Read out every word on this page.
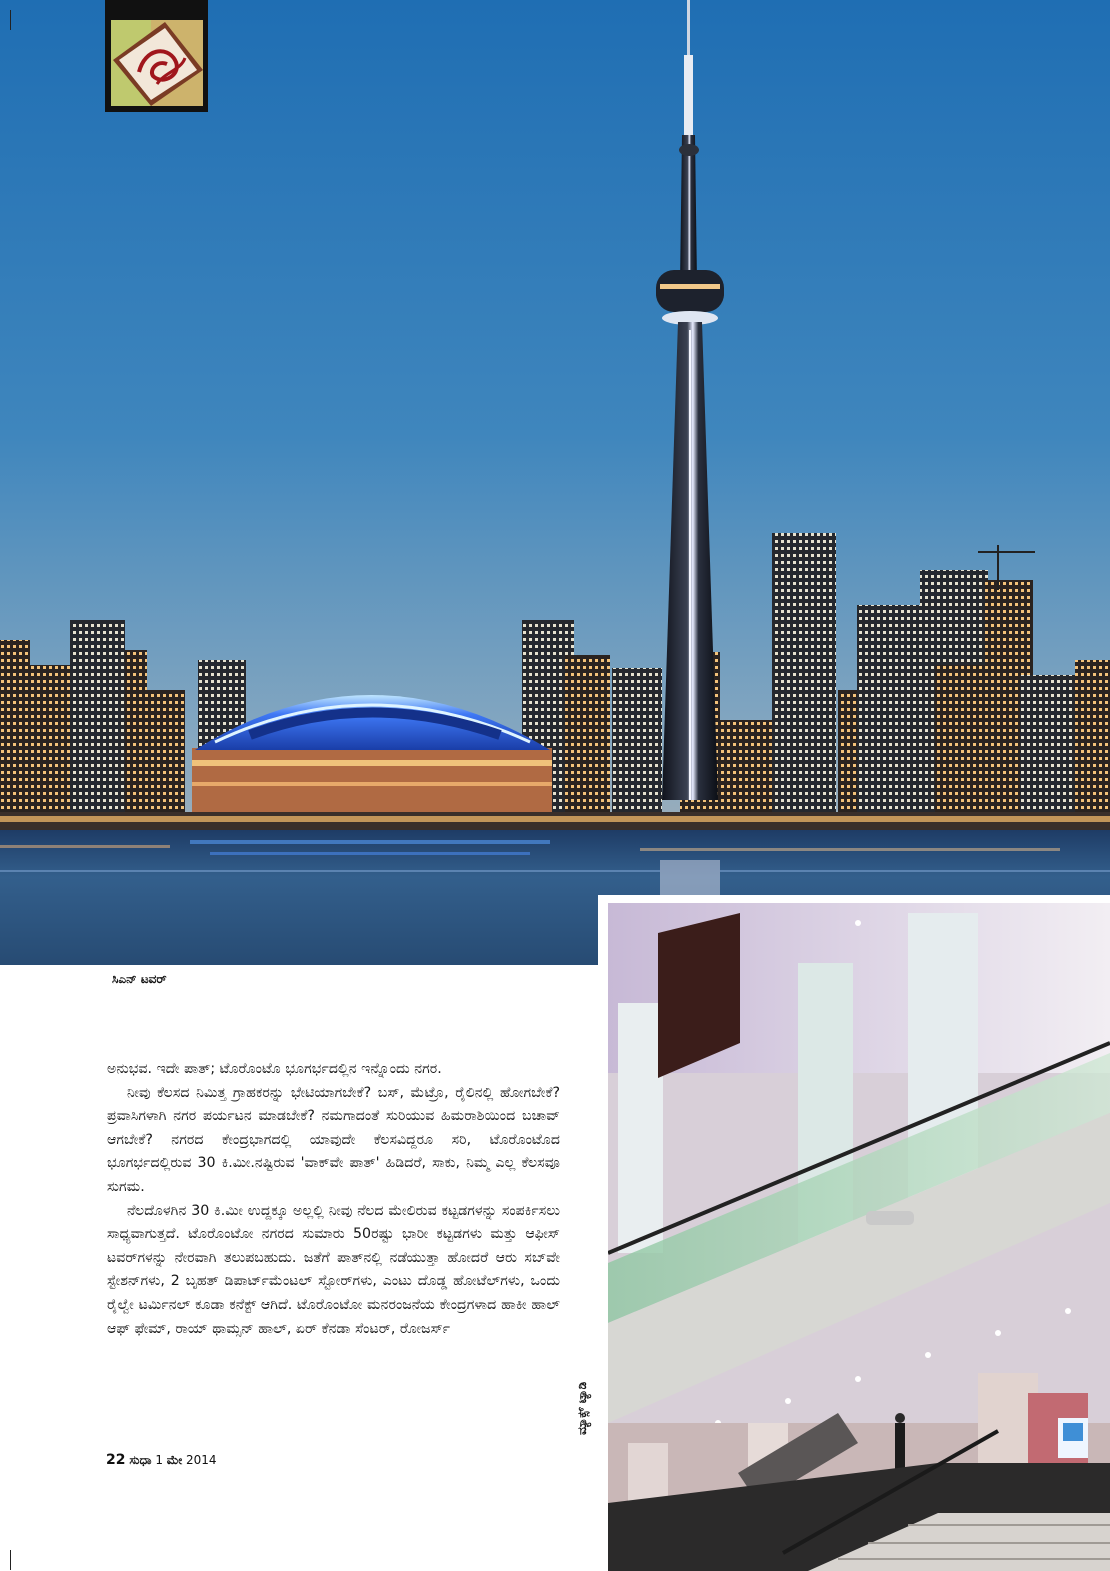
ಸಿಎನ್ ಟವರ್

ಅನುಭವ. ಇದೇ ಪಾತ್; ಟೊರೊಂಟೊ ಭೂಗರ್ಭದಲ್ಲಿನ ಇನ್ನೊಂದು ನಗರ.

ನೀವು ಕೆಲಸದ ನಿಮಿತ್ತ ಗ್ರಾಹಕರನ್ನು ಭೇಟಿಯಾಗಬೇಕೆ? ಬಸ್, ಮೆಟ್ರೊ, ರೈಲಿನಲ್ಲಿ ಹೋಗಬೇಕೆ? ಪ್ರವಾಸಿಗಳಾಗಿ ನಗರ ಪರ್ಯಟನ ಮಾಡಬೇಕೆ? ನಮಗಾದಂತೆ ಸುರಿಯುವ ಹಿಮರಾಶಿಯಿಂದ ಬಚಾವ್ ಆಗಬೇಕೆ? ನಗರದ ಕೇಂದ್ರಭಾಗದಲ್ಲಿ ಯಾವುದೇ ಕೆಲಸವಿದ್ದರೂ ಸರಿ, ಟೊರೊಂಟೊದ ಭೂಗರ್ಭದಲ್ಲಿರುವ 30 ಕಿ.ಮೀ.ನಷ್ಟಿರುವ 'ವಾಕ್‌ವೇ ಪಾತ್' ಹಿಡಿದರೆ, ಸಾಕು, ನಿಮ್ಮ ಎಲ್ಲ ಕೆಲಸವೂ ಸುಗಮ.

ನೆಲದೊಳಗಿನ 30 ಕಿ.ಮೀ ಉದ್ದಕ್ಕೂ ಅಲ್ಲಲ್ಲಿ ನೀವು ನೆಲದ ಮೇಲಿರುವ ಕಟ್ಟಡಗಳನ್ನು ಸಂಪರ್ಕಿಸಲು ಸಾಧ್ಯವಾಗುತ್ತದೆ. ಟೊರೊಂಟೋ ನಗರದ ಸುಮಾರು 50ರಷ್ಟು ಭಾರೀ ಕಟ್ಟಡಗಳು ಮತ್ತು ಆಫೀಸ್ ಟವರ್‌ಗಳನ್ನು ನೇರವಾಗಿ ತಲುಪಬಹುದು. ಜತೆಗೆ ಪಾತ್‌ನಲ್ಲಿ ನಡೆಯುತ್ತಾ ಹೋದರೆ ಆರು ಸಬ್‌ವೇ ಸ್ಟೇಶನ್‌ಗಳು, 2 ಬೃಹತ್ ಡಿಪಾರ್ಟ್‌ಮೆಂಟಲ್ ಸ್ಟೋರ್‌ಗಳು, ಎಂಟು ದೊಡ್ಡ ಹೋಟೆಲ್‌ಗಳು, ಒಂದು ರೈಲ್ವೇ ಟರ್ಮಿನಲ್ ಕೂಡಾ ಕನೆಕ್ಟ್ ಆಗಿದೆ. ಟೊರೊಂಟೋ ಮನರಂಜನೆಯ ಕೇಂದ್ರಗಳಾದ ಹಾಕೀ ಹಾಲ್ ಆಫ್ ಫೇಮ್, ರಾಯ್ ಥಾಮ್ಸನ್ ಹಾಲ್, ಏರ್ ಕೆನಡಾ ಸೆಂಟರ್, ರೋಜರ್ಸ್

ಮ್ಯಾಕ್ಸ್ ಟ್ಯಾಡಿ
22 ಸುಧಾ 1 ಮೇ 2014
